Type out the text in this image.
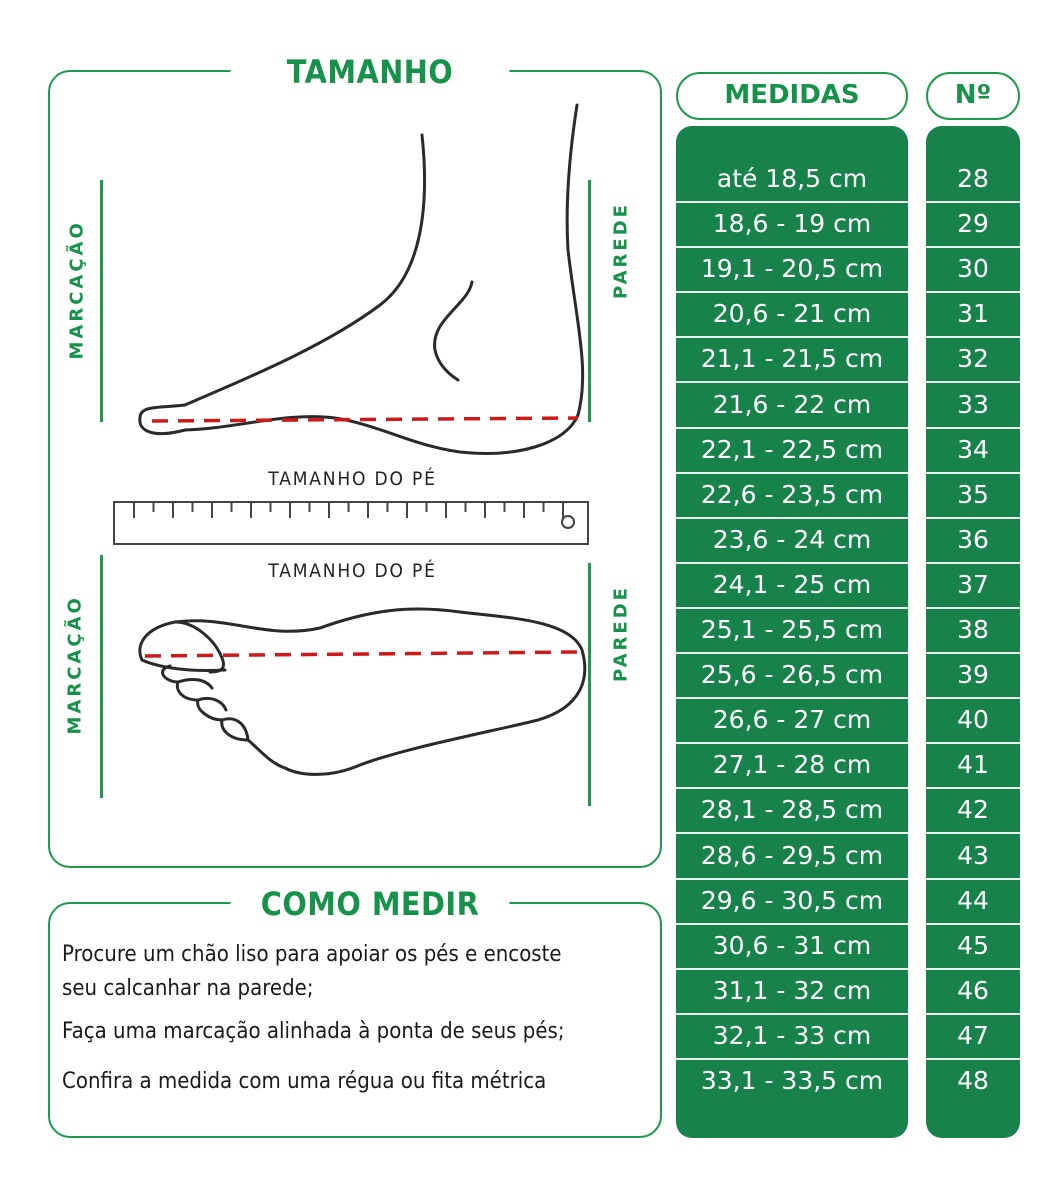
TAMANHO
MARCAÇÃO	PAREDE
TAMANHO DO PÉ
TAMANHO DO PÉ
MARCAÇÃO	PAREDE
COMO MEDIR
Procure um chão liso para apoiar os pés e encoste seu calcanhar na parede;
Faça uma marcação alinhada à ponta de seus pés;
Confira a medida com uma régua ou fita métrica
MEDIDAS	Nº
até 18,5 cm	28
18,6 - 19 cm	29
19,1 - 20,5 cm	30
20,6 - 21 cm	31
21,1 - 21,5 cm	32
21,6 - 22 cm	33
22,1 - 22,5 cm	34
22,6 - 23,5 cm	35
23,6 - 24 cm	36
24,1 - 25 cm	37
25,1 - 25,5 cm	38
25,6 - 26,5 cm	39
26,6 - 27 cm	40
27,1 - 28 cm	41
28,1 - 28,5 cm	42
28,6 - 29,5 cm	43
29,6 - 30,5 cm	44
30,6 - 31 cm	45
31,1 - 32 cm	46
32,1 - 33 cm	47
33,1 - 33,5 cm	48
